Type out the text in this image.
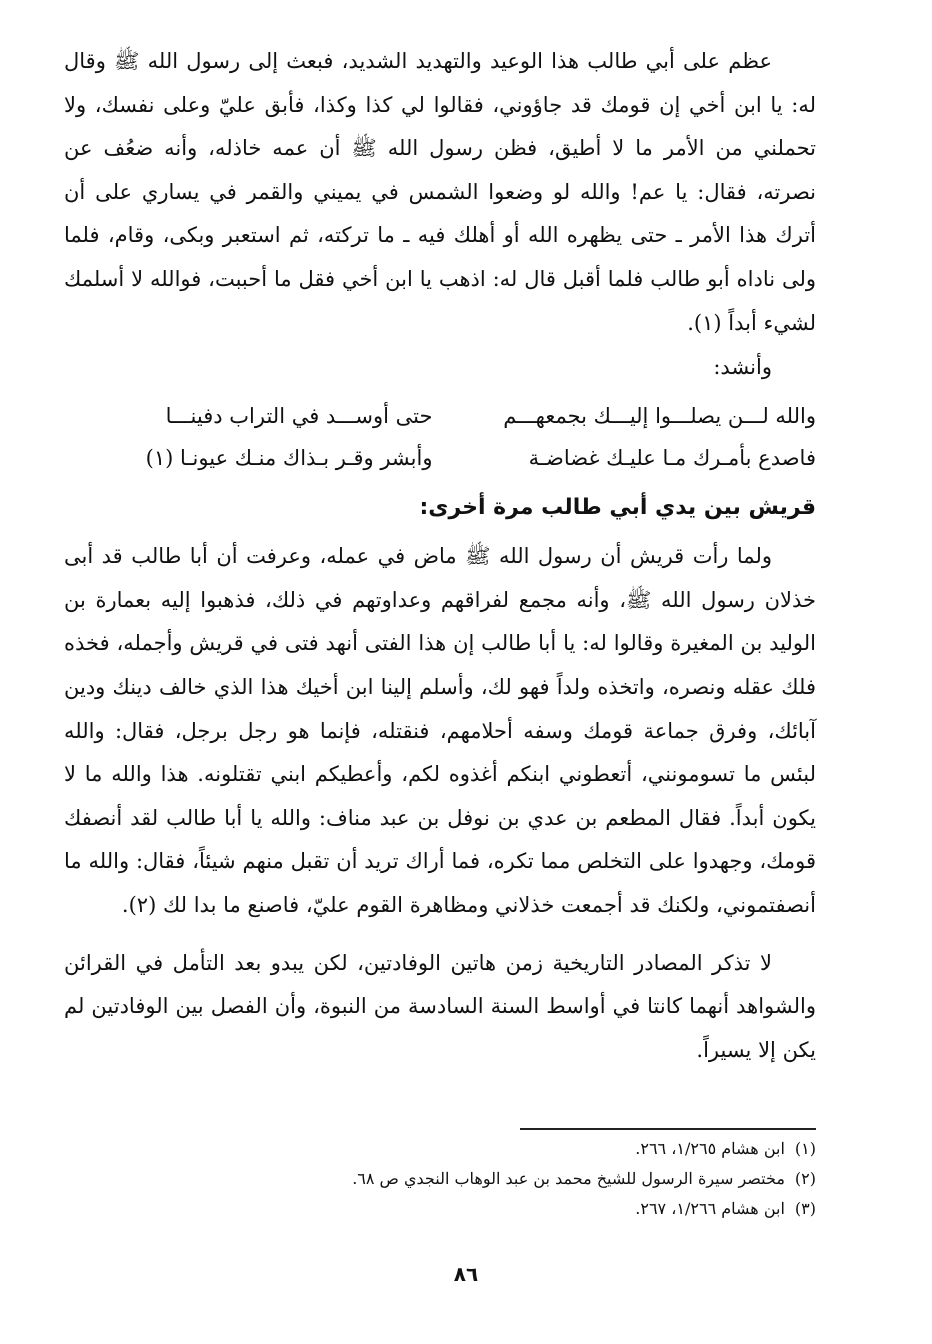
عظم على أبي طالب هذا الوعيد والتهديد الشديد، فبعث إلى رسول الله ﷺ وقال له: يا ابن أخي إن قومك قد جاؤوني، فقالوا لي كذا وكذا، فأبق عليّ وعلى نفسك، ولا تحملني من الأمر ما لا أطيق، فظن رسول الله ﷺ أن عمه خاذله، وأنه ضعُف عن نصرته، فقال: يا عم! والله لو وضعوا الشمس في يميني والقمر في يساري على أن أترك هذا الأمر ـ حتى يظهره الله أو أهلك فيه ـ ما تركته، ثم استعبر وبكى، وقام، فلما ولى ناداه أبو طالب فلما أقبل قال له: اذهب يا ابن أخي فقل ما أحببت، فوالله لا أسلمك لشيء أبداً (١).

وأنشد:
والله لـــن يصلـــوا إليـــك بجمعهـــم
حتى أوســـد في التراب دفينـــا
فاصدع بأمـرك مـا عليـك غضاضـة
وأبشر وقـر بـذاك منـك عيونـا (١)
قريش بين يدي أبي طالب مرة أخرى:

ولما رأت قريش أن رسول الله ﷺ ماض في عمله، وعرفت أن أبا طالب قد أبى خذلان رسول الله ﷺ، وأنه مجمع لفراقهم وعداوتهم في ذلك، فذهبوا إليه بعمارة بن الوليد بن المغيرة وقالوا له: يا أبا طالب إن هذا الفتى أنهد فتى في قريش وأجمله، فخذه فلك عقله ونصره، واتخذه ولداً فهو لك، وأسلم إلينا ابن أخيك هذا الذي خالف دينك ودين آبائك، وفرق جماعة قومك وسفه أحلامهم، فنقتله، فإنما هو رجل برجل، فقال: والله لبئس ما تسومونني، أتعطوني ابنكم أغذوه لكم، وأعطيكم ابني تقتلونه. هذا والله ما لا يكون أبداً. فقال المطعم بن عدي بن نوفل بن عبد مناف: والله يا أبا طالب لقد أنصفك قومك، وجهدوا على التخلص مما تكره، فما أراك تريد أن تقبل منهم شيئاً، فقال: والله ما أنصفتموني، ولكنك قد أجمعت خذلاني ومظاهرة القوم عليّ، فاصنع ما بدا لك (٢).

لا تذكر المصادر التاريخية زمن هاتين الوفادتين، لكن يبدو بعد التأمل في القرائن والشواهد أنهما كانتا في أواسط السنة السادسة من النبوة، وأن الفصل بين الوفادتين لم يكن إلا يسيراً.

(١)
ابن هشام ١/٢٦٥، ٢٦٦.
(٢)
مختصر سيرة الرسول للشيخ محمد بن عبد الوهاب النجدي ص ٦٨.
(٣)
ابن هشام ١/٢٦٦، ٢٦٧.
٨٦
